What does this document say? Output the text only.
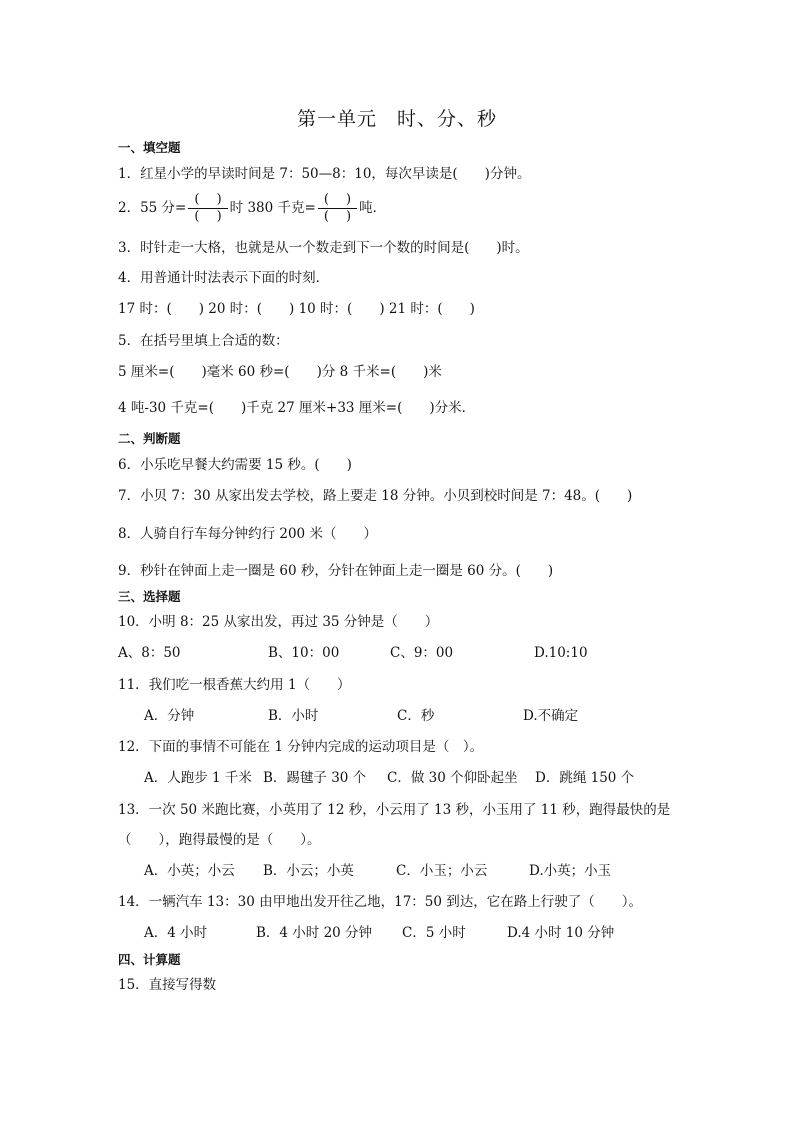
第一单元　时、分、秒
一、填空题
1．红星小学的早读时间是 7：50—8：10，每次早读是(　　)分钟。
2．55 分= $\frac{( )}{( )}$ 时 380 千克= $\frac{( )}{( )}$ 吨．
3．时针走一大格，也就是从一个数走到下一个数的时间是(　　)时。
4．用普通计时法表示下面的时刻．
17 时：(　　) 20 时：(　　) 10 时：(　　) 21 时：(　　)
5．在括号里填上合适的数：
5 厘米=(　　)毫米 60 秒=(　　)分 8 千米=(　　)米
4 吨-30 千克=(　　)千克 27 厘米+33 厘米=(　　)分米．
二、判断题
6．小乐吃早餐大约需要 15 秒。(　　)
7．小贝 7：30 从家出发去学校，路上要走 18 分钟。小贝到校时间是 7：48。(　　)
8．人骑自行车每分钟约行 200 米（　　）
9．秒针在钟面上走一圈是 60 秒，分针在钟面上走一圈是 60 分。(　　)
三、选择题
10．小明 8：25 从家出发，再过 35 分钟是（　　）
A、8：50	B、10：00	C、9：00	D.10:10
11．我们吃一根香蕉大约用 1（　　）
A．分钟	B．小时	C．秒	D.不确定
12．下面的事情不可能在 1 分钟内完成的运动项目是（　）。
A．人跑步 1 千米 B．踢毽子 30 个 C．做 30 个仰卧起坐 D．跳绳 150 个
13．一次 50 米跑比赛，小英用了 12 秒，小云用了 13 秒，小玉用了 11 秒，跑得最快的是
（　　），跑得最慢的是（　　）。
A．小英；小云 B．小云；小英	C．小玉；小云	D.小英；小玉
14．一辆汽车 13：30 由甲地出发开往乙地，17：50 到达，它在路上行驶了（　　）。
A．4 小时	B．4 小时 20 分钟 C．5 小时	D.4 小时 10 分钟
四、计算题
15．直接写得数
